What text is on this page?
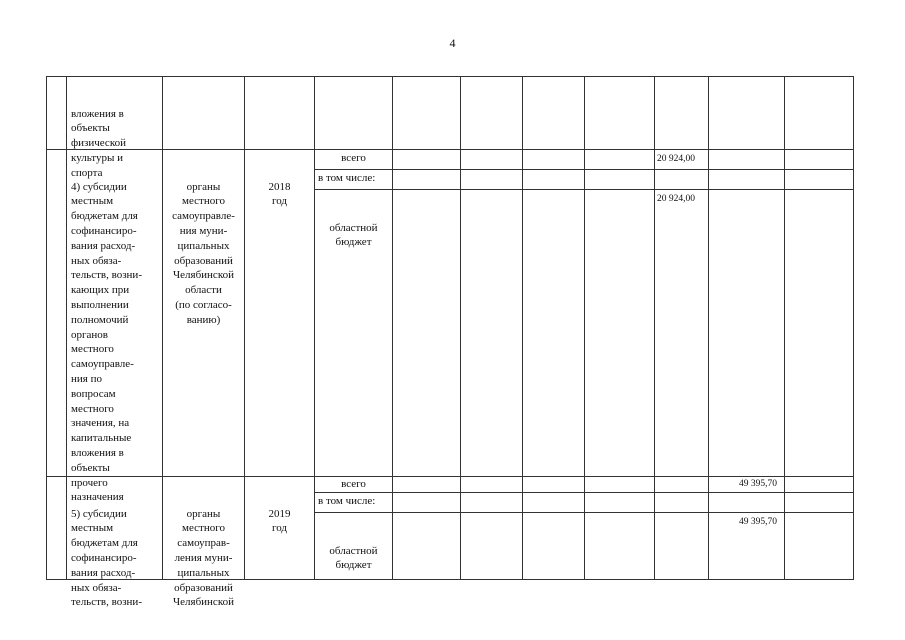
4

вложения в
объекты
физической
культуры и
спорта

4) субсидии
местным
бюджетам для
софинансиро-
вания расход-
ных обяза-
тельств, возни-
кающих при
выполнении
полномочий
органов
местного
самоуправле-
ния по
вопросам
местного
значения, на
капитальные
вложения в
объекты
прочего
назначения

органы
местного
самоуправле-
ния муни-
ципальных
образований
Челябинской
области
(по согласо-
ванию)

2018
год

всего
в том числе:

областной
бюджет

20 924,00
20 924,00

5) субсидии
местным
бюджетам для
софинансиро-
вания расход-
ных обяза-
тельств, возни-

органы
местного
самоуправ-
ления муни-
ципальных
образований
Челябинской

2019
год

всего
в том числе:

областной
бюджет

49 395,70
49 395,70
